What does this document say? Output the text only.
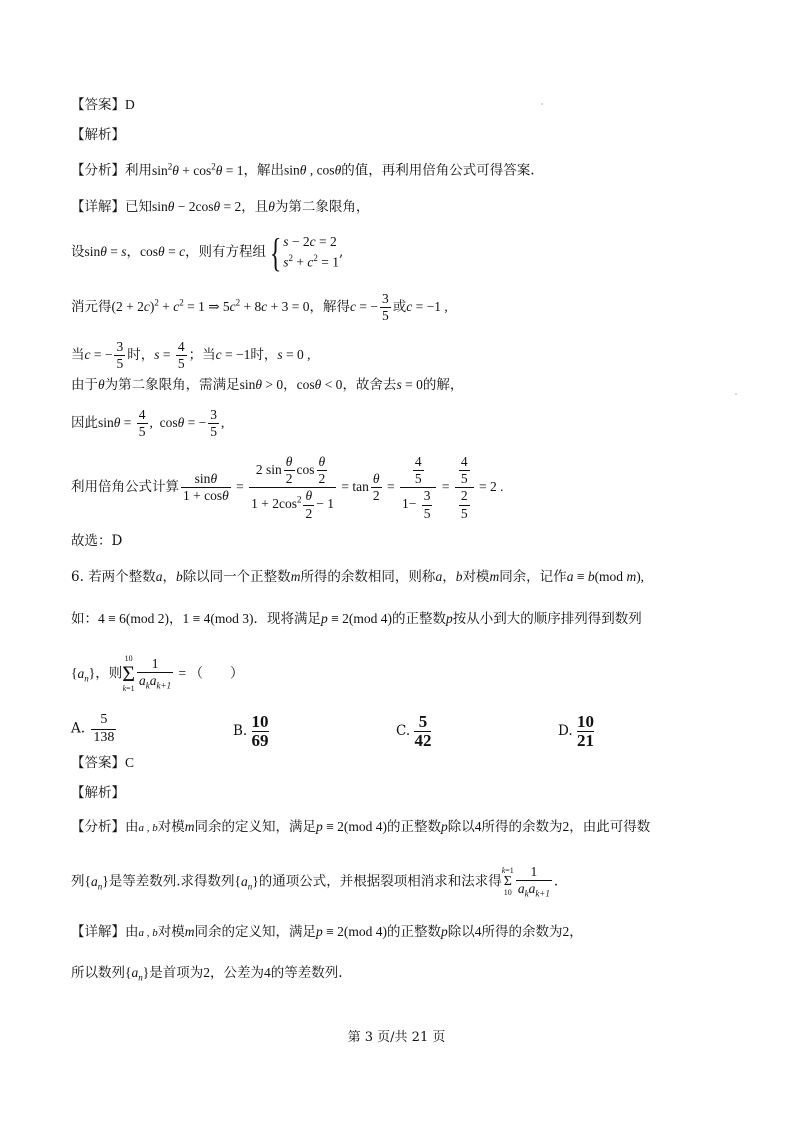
【答案】D
【解析】
【分析】利用$\sin^2\theta + \cos^2\theta = 1$，解出sinθ , cosθ的值，再利用倍角公式可得答案.
【详解】已知sinθ − 2cosθ = 2，且θ为第二象限角，
设sinθ = s，cosθ = c，则有方程组{ s − 2c = 2
$s^2 + c^2 = 1$
,
消元得$(2 + 2c)^2 + c^2 = 1$ ⇒ $5c^2 + 8c + 3 = 0$，解得c = − $\frac{3}{5}$ 或c = −1 ,
当c = − $\frac{3}{5}$ 时，$s = \frac{4}{5}$ ；当c = −1时，s = 0 ,
由于θ为第二象限角，需满足sinθ > 0，cosθ < 0，故舍去s = 0的解，
因此$\sin\theta = \frac{4}{5}$ ,  cosθ = − $\frac{3}{5}$ ,
利用倍角公式计算 $\frac{\sin\theta}{1 + \cos\theta} = \frac{2 \sin \frac{\theta}{2} \cos \frac{\theta}{2}}{1 + 2\cos^2 \frac{\theta}{2} - 1} = \tan \frac{\theta}{2} = \frac{\frac{4}{5}}{1- \frac{3}{5}} = \frac{\frac{4}{5}}{\frac{2}{5}} = 2$ .
故选：D
6. 若两个整数a，b除以同一个正整数m所得的余数相同，则称a，b对模m同余，记作a ≡ b(mod m),
如：4 ≡ 6(mod 2)，1 ≡ 4(mod 3)．现将满足p ≡ 2(mod 4)的正整数p按从小到大的顺序排列得到数列
$\{a_n\}$，则
10
Σ
$k=1 \frac{1}{a_ka_{k+1}}$ = （　　）
A. $\frac{5}{138}$	B. $\frac{10}{69}$	C. $\frac{5}{42}$	D. $\frac{10}{21}$
【答案】C
【解析】
【分析】由a , b对模m同余的定义知，满足p ≡ 2(mod 4)的正整数p除以4所得的余数为2，由此可得数
列$\{a_n\}$是等差数列.求得数列$\{a_n\}$的通项公式，并根据裂项相消求和法求得
k=1
Σ
$10 \frac{1}{a_ka_{k+1}}$ .
【详解】由a , b对模m同余的定义知，满足p ≡ 2(mod 4)的正整数p除以4所得的余数为2，
所以数列$\{a_n\}$是首项为2，公差为4的等差数列.
第 3 页/共 21 页
